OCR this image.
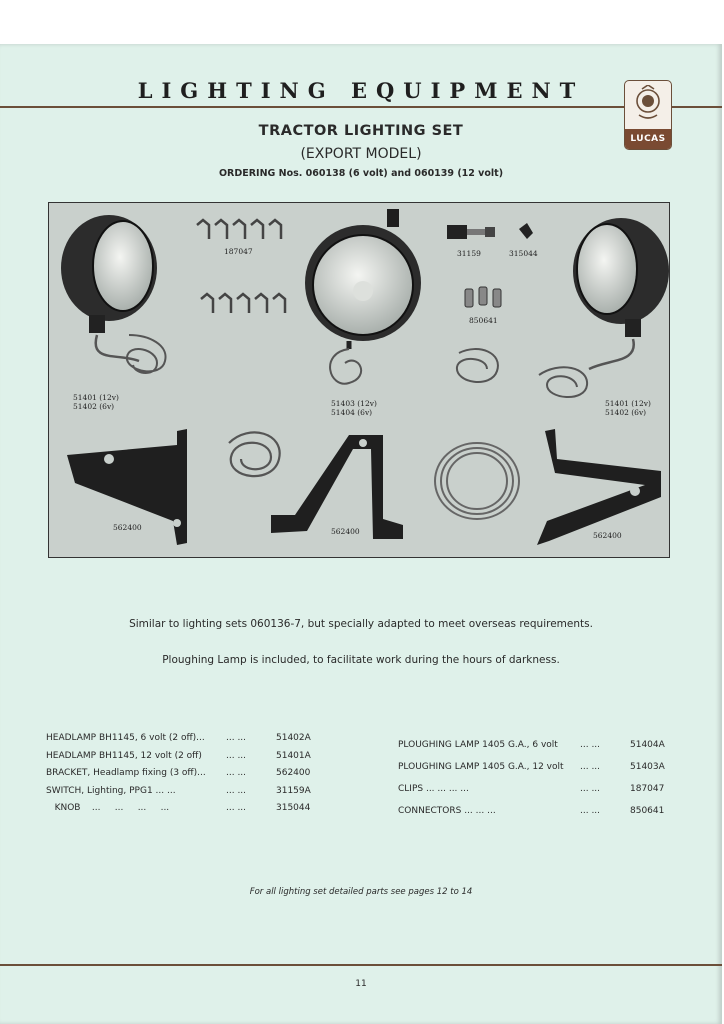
LIGHTING EQUIPMENT
LUCAS
TRACTOR LIGHTING SET
(EXPORT MODEL)
ORDERING Nos. 060138 (6 volt) and 060139 (12 volt)
187047	31159	315044
850641
51401 (12v)
51402 (6v)	51403 (12v)
51404 (6v)
51401 (12v)
51402 (6v)
562400	562400	562400
Similar to lighting sets 060136-7, but specially adapted to meet overseas requirements.
Ploughing Lamp is included, to facilitate work during the hours of darkness.
HEADLAMP BH1145, 6 volt (2 off)... ... ...	51402A
HEADLAMP BH1145, 12 volt (2 off)	... ...	51401A
BRACKET, Headlamp fixing (3 off)... ... ...	562400
SWITCH, Lighting, PPG1 ... ...	... ...	31159A
KNOB    ...     ...     ...     ...	... ...	315044
PLOUGHING LAMP 1405 G.A., 6 volt ... ...	51404A
PLOUGHING LAMP 1405 G.A., 12 volt ... ...	51403A
CLIPS ... ... ... ...	... ...	187047
CONNECTORS ... ... ...	... ...	850641
For all lighting set detailed parts see pages 12 to 14
11
